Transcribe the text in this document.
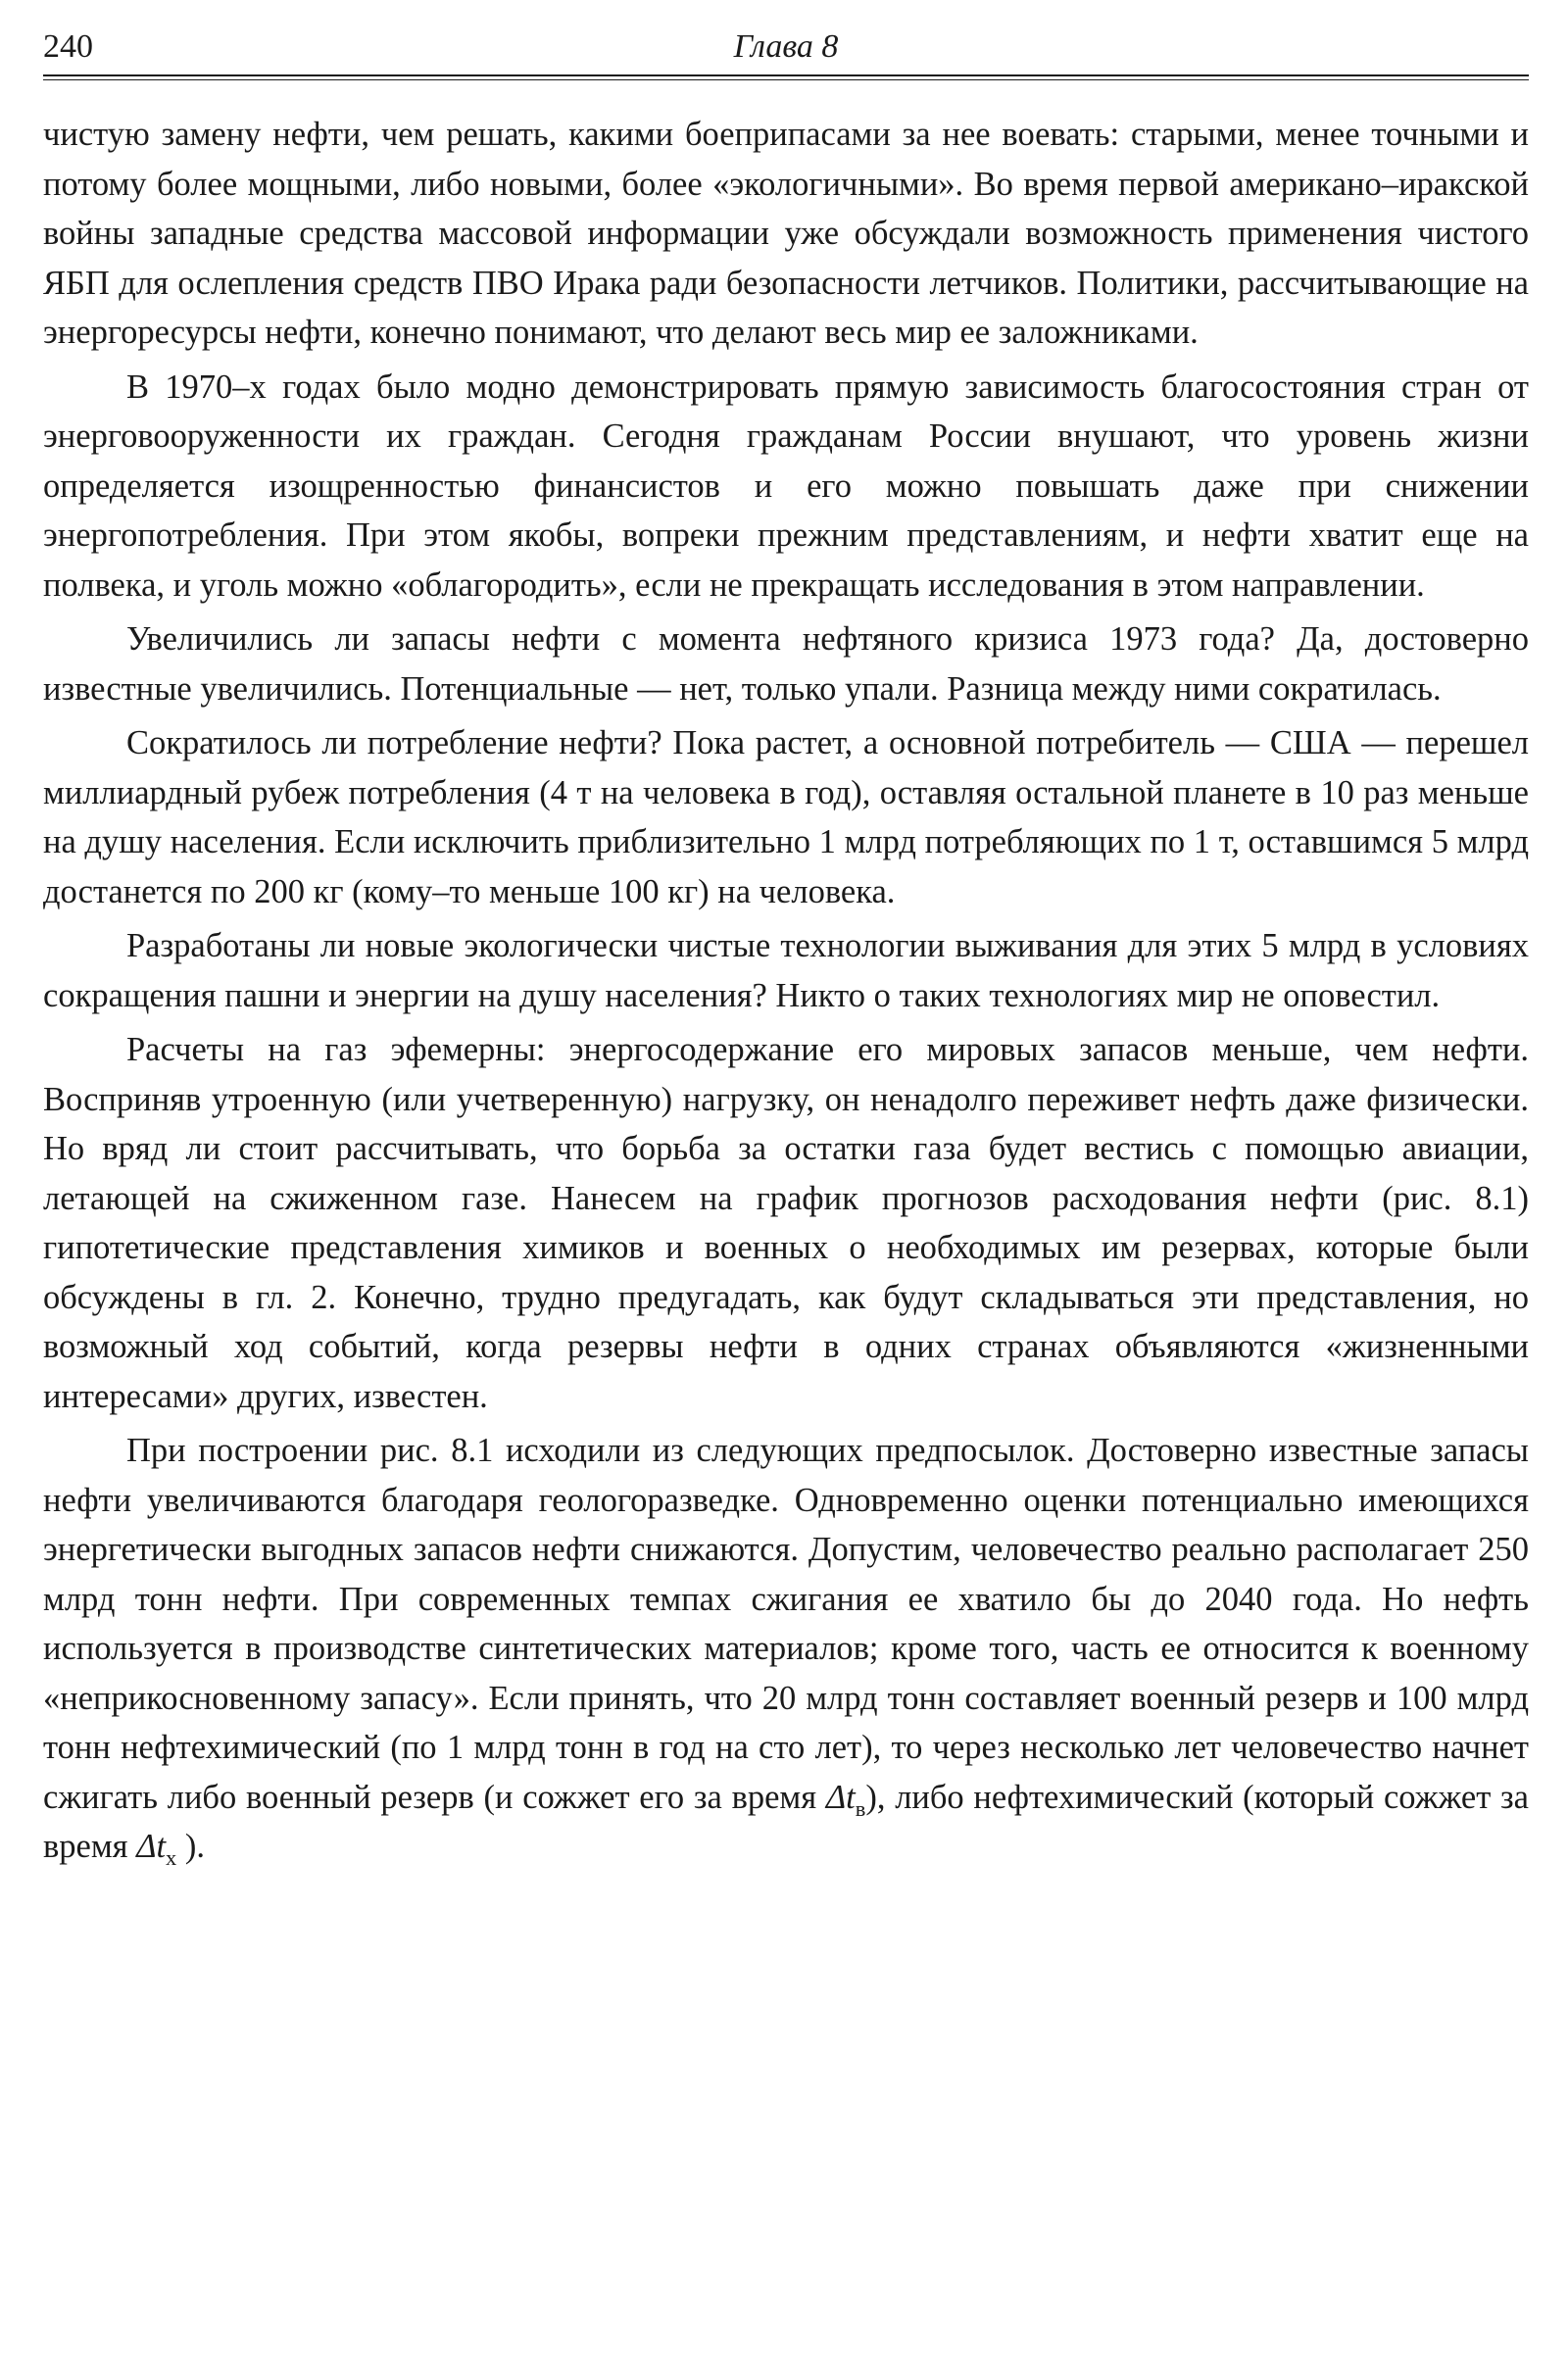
240	Глава 8

чистую замену нефти, чем решать, какими боеприпасами за нее воевать: старыми, менее точными и потому более мощными, либо новыми, более «экологичными». Во время первой американо–иракской войны западные средства массовой информации уже обсуждали возможность применения чистого ЯБП для ослепления средств ПВО Ирака ради безопасности летчиков. Политики, рассчитывающие на энергоресурсы нефти, конечно понимают, что делают весь мир ее заложниками.

В 1970–х годах было модно демонстрировать прямую зависимость благосостояния стран от энерговооруженности их граждан. Сегодня гражданам России внушают, что уровень жизни определяется изощренностью финансистов и его можно повышать даже при снижении энергопотребления. При этом якобы, вопреки прежним представлениям, и нефти хватит еще на полвека, и уголь можно «облагородить», если не прекращать исследования в этом направлении.

Увеличились ли запасы нефти с момента нефтяного кризиса 1973 года? Да, достоверно известные увеличились. Потенциальные — нет, только упали. Разница между ними сократилась.

Сократилось ли потребление нефти? Пока растет, а основной потребитель — США — перешел миллиардный рубеж потребления (4 т на человека в год), оставляя остальной планете в 10 раз меньше на душу населения. Если исключить приблизительно 1 млрд потребляющих по 1 т, оставшимся 5 млрд достанется по 200 кг (кому–то меньше 100 кг) на человека.

Разработаны ли новые экологически чистые технологии выживания для этих 5 млрд в условиях сокращения пашни и энергии на душу населения? Никто о таких технологиях мир не оповестил.

Расчеты на газ эфемерны: энергосодержание его мировых запасов меньше, чем нефти. Восприняв утроенную (или учетверенную) нагрузку, он ненадолго переживет нефть даже физически. Но вряд ли стоит рассчитывать, что борьба за остатки газа будет вестись с помощью авиации, летающей на сжиженном газе. Нанесем на график прогнозов расходования нефти (рис. 8.1) гипотетические представления химиков и военных о необходимых им резервах, которые были обсуждены в гл. 2. Конечно, трудно предугадать, как будут складываться эти представления, но возможный ход событий, когда резервы нефти в одних странах объявляются «жизненными интересами» других, известен.

При построении рис. 8.1 исходили из следующих предпосылок. Достоверно известные запасы нефти увеличиваются благодаря геологоразведке. Одновременно оценки потенциально имеющихся энергетически выгодных запасов нефти снижаются. Допустим, человечество реально располагает 250 млрд тонн нефти. При современных темпах сжигания ее хватило бы до 2040 года. Но нефть используется в производстве синтетических материалов; кроме того, часть ее относится к военному «неприкосновенному запасу». Если принять, что 20 млрд тонн составляет военный резерв и 100 млрд тонн нефтехимический (по 1 млрд тонн в год на сто лет), то через несколько лет человечество начнет сжигать либо военный резерв (и сожжет его за время $\Delta t_в$), либо нефтехимический (который сожжет за время $\Delta t_х$ ).
